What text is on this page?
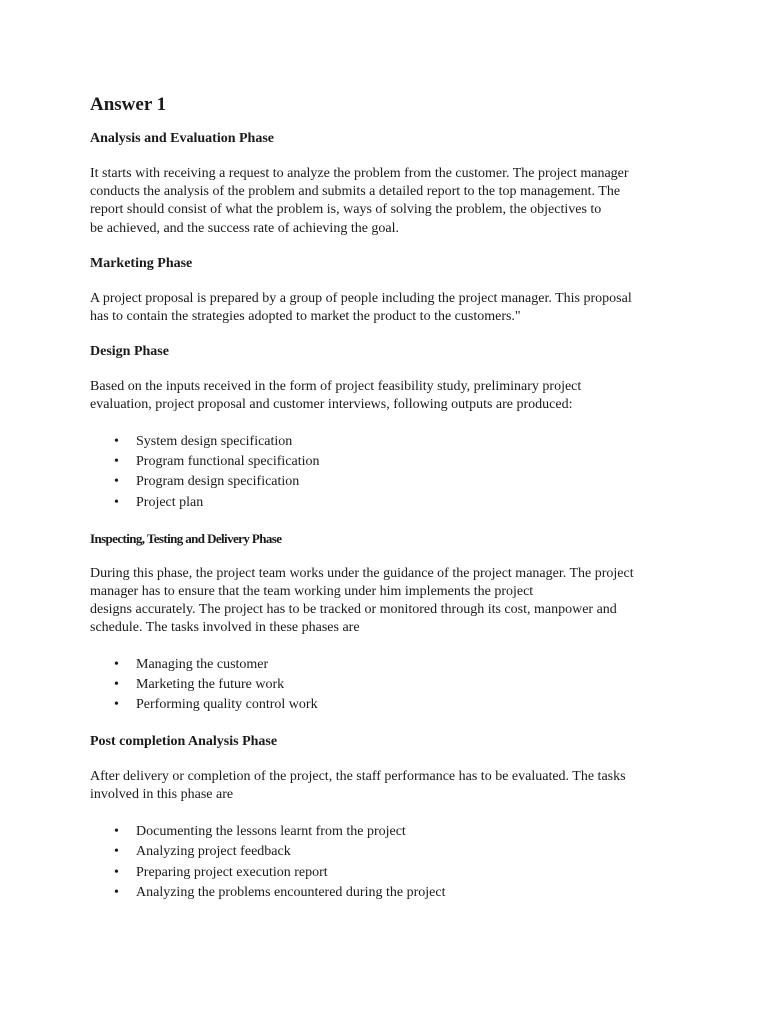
Answer 1
Analysis and Evaluation Phase

It starts with receiving a request to analyze the problem from the customer. The project manager
conducts the analysis of the problem and submits a detailed report to the top management. The
report should consist of what the problem is, ways of solving the problem, the objectives to
be achieved, and the success rate of achieving the goal.

Marketing Phase

A project proposal is prepared by a group of people including the project manager. This proposal
has to contain the strategies adopted to market the product to the customers."

Design Phase

Based on the inputs received in the form of project feasibility study, preliminary project
evaluation, project proposal and customer interviews, following outputs are produced:

• System design specification
• Program functional specification
• Program design specification
• Project plan
Inspecting, Testing and Delivery Phase

During this phase, the project team works under the guidance of the project manager. The project
manager has to ensure that the team working under him implements the project
designs accurately. The project has to be tracked or monitored through its cost, manpower and
schedule. The tasks involved in these phases are

• Managing the customer
• Marketing the future work
• Performing quality control work
Post completion Analysis Phase

After delivery or completion of the project, the staff performance has to be evaluated. The tasks
involved in this phase are

• Documenting the lessons learnt from the project
• Analyzing project feedback
• Preparing project execution report
• Analyzing the problems encountered during the project
